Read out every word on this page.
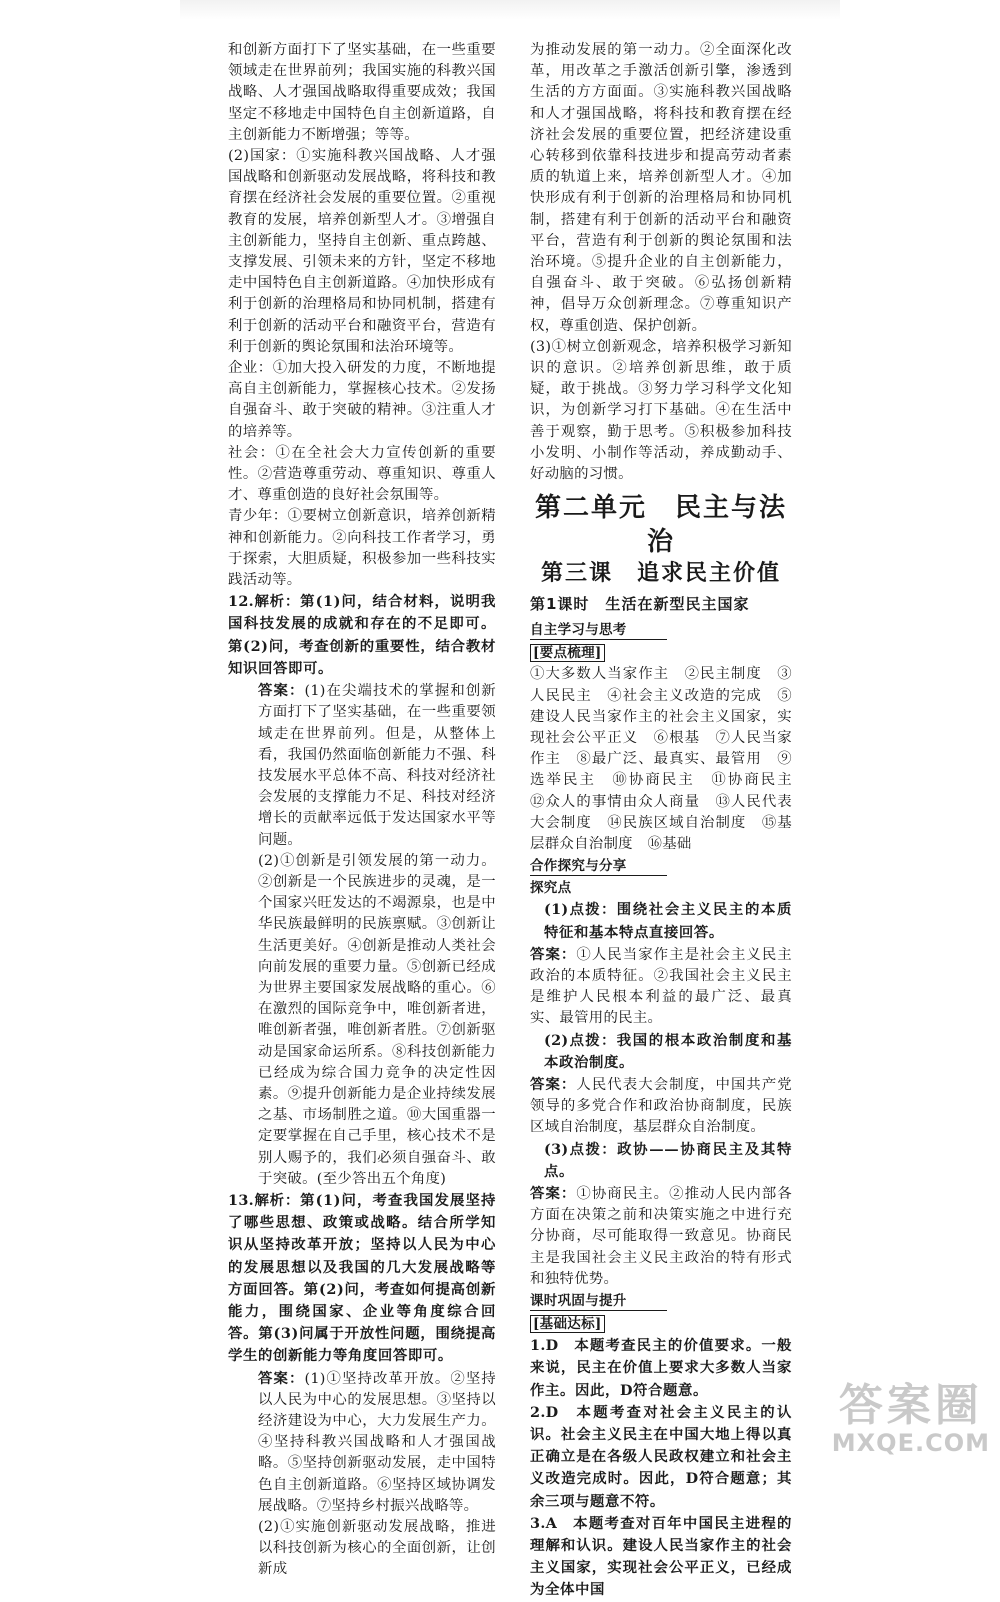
和创新方面打下了坚实基础，在一些重要领域走在世界前列；我国实施的科教兴国战略、人才强国战略取得重要成效；我国坚定不移地走中国特色自主创新道路，自主创新能力不断增强；等等。

(2)国家：①实施科教兴国战略、人才强国战略和创新驱动发展战略，将科技和教育摆在经济社会发展的重要位置。②重视教育的发展，培养创新型人才。③增强自主创新能力，坚持自主创新、重点跨越、支撑发展、引领未来的方针，坚定不移地走中国特色自主创新道路。④加快形成有利于创新的治理格局和协同机制，搭建有利于创新的活动平台和融资平台，营造有利于创新的舆论氛围和法治环境等。

企业：①加大投入研发的力度，不断地提高自主创新能力，掌握核心技术。②发扬自强奋斗、敢于突破的精神。③注重人才的培养等。

社会：①在全社会大力宣传创新的重要性。②营造尊重劳动、尊重知识、尊重人才、尊重创造的良好社会氛围等。

青少年：①要树立创新意识，培养创新精神和创新能力。②向科技工作者学习，勇于探索，大胆质疑，积极参加一些科技实践活动等。

12.解析：第(1)问，结合材料，说明我国科技发展的成就和存在的不足即可。第(2)问，考查创新的重要性，结合教材知识回答即可。

答案：(1)在尖端技术的掌握和创新方面打下了坚实基础，在一些重要领域走在世界前列。但是，从整体上看，我国仍然面临创新能力不强、科技发展水平总体不高、科技对经济社会发展的支撑能力不足、科技对经济增长的贡献率远低于发达国家水平等问题。

(2)①创新是引领发展的第一动力。②创新是一个民族进步的灵魂，是一个国家兴旺发达的不竭源泉，也是中华民族最鲜明的民族禀赋。③创新让生活更美好。④创新是推动人类社会向前发展的重要力量。⑤创新已经成为世界主要国家发展战略的重心。⑥在激烈的国际竞争中，唯创新者进，唯创新者强，唯创新者胜。⑦创新驱动是国家命运所系。⑧科技创新能力已经成为综合国力竞争的决定性因素。⑨提升创新能力是企业持续发展之基、市场制胜之道。⑩大国重器一定要掌握在自己手里，核心技术不是别人赐予的，我们必须自强奋斗、敢于突破。(至少答出五个角度)

13.解析：第(1)问，考查我国发展坚持了哪些思想、政策或战略。结合所学知识从坚持改革开放；坚持以人民为中心的发展思想以及我国的几大发展战略等方面回答。第(2)问，考查如何提高创新能力，围绕国家、企业等角度综合回答。第(3)问属于开放性问题，围绕提高学生的创新能力等角度回答即可。

答案：(1)①坚持改革开放。②坚持以人民为中心的发展思想。③坚持以经济建设为中心，大力发展生产力。④坚持科教兴国战略和人才强国战略。⑤坚持创新驱动发展，走中国特色自主创新道路。⑥坚持区域协调发展战略。⑦坚持乡村振兴战略等。

(2)①实施创新驱动发展战略，推进以科技创新为核心的全面创新，让创新成

为推动发展的第一动力。②全面深化改革，用改革之手激活创新引擎，渗透到生活的方方面面。③实施科教兴国战略和人才强国战略，将科技和教育摆在经济社会发展的重要位置，把经济建设重心转移到依靠科技进步和提高劳动者素质的轨道上来，培养创新型人才。④加快形成有利于创新的治理格局和协同机制，搭建有利于创新的活动平台和融资平台，营造有利于创新的舆论氛围和法治环境。⑤提升企业的自主创新能力，自强奋斗、敢于突破。⑥弘扬创新精神，倡导万众创新理念。⑦尊重知识产权，尊重创造、保护创新。

(3)①树立创新观念，培养积极学习新知识的意识。②培养创新思维，敢于质疑，敢于挑战。③努力学习科学文化知识，为创新学习打下基础。④在生活中善于观察，勤于思考。⑤积极参加科技小发明、小制作等活动，养成勤动手、好动脑的习惯。

第二单元　民主与法治
第三课　追求民主价值
第1课时　生活在新型民主国家
自主学习与思考
[要点梳理]

①大多数人当家作主　②民主制度　③人民民主　④社会主义改造的完成　⑤建设人民当家作主的社会主义国家，实现社会公平正义　⑥根基　⑦人民当家作主　⑧最广泛、最真实、最管用　⑨选举民主　⑩协商民主　⑪协商民主　⑫众人的事情由众人商量　⑬人民代表大会制度　⑭民族区域自治制度　⑮基层群众自治制度　⑯基础

合作探究与分享
探究点

(1)点拨：围绕社会主义民主的本质特征和基本特点直接回答。

答案：①人民当家作主是社会主义民主政治的本质特征。②我国社会主义民主是维护人民根本利益的最广泛、最真实、最管用的民主。

(2)点拨：我国的根本政治制度和基本政治制度。

答案：人民代表大会制度，中国共产党领导的多党合作和政治协商制度，民族区域自治制度，基层群众自治制度。

(3)点拨：政协——协商民主及其特点。

答案：①协商民主。②推动人民内部各方面在决策之前和决策实施之中进行充分协商，尽可能取得一致意见。协商民主是我国社会主义民主政治的特有形式和独特优势。

课时巩固与提升
[基础达标]

1.D　 本题考查民主的价值要求。一般来说，民主在价值上要求大多数人当家作主。因此，D符合题意。

2.D　 本题考查对社会主义民主的认识。社会主义民主在中国大地上得以真正确立是在各级人民政权建立和社会主义改造完成时。因此，D符合题意；其余三项与题意不符。

3.A　 本题考查对百年中国民主进程的理解和认识。建设人民当家作主的社会主义国家，实现社会公平正义，已经成为全体中国

答案圈
MXQE.COM
